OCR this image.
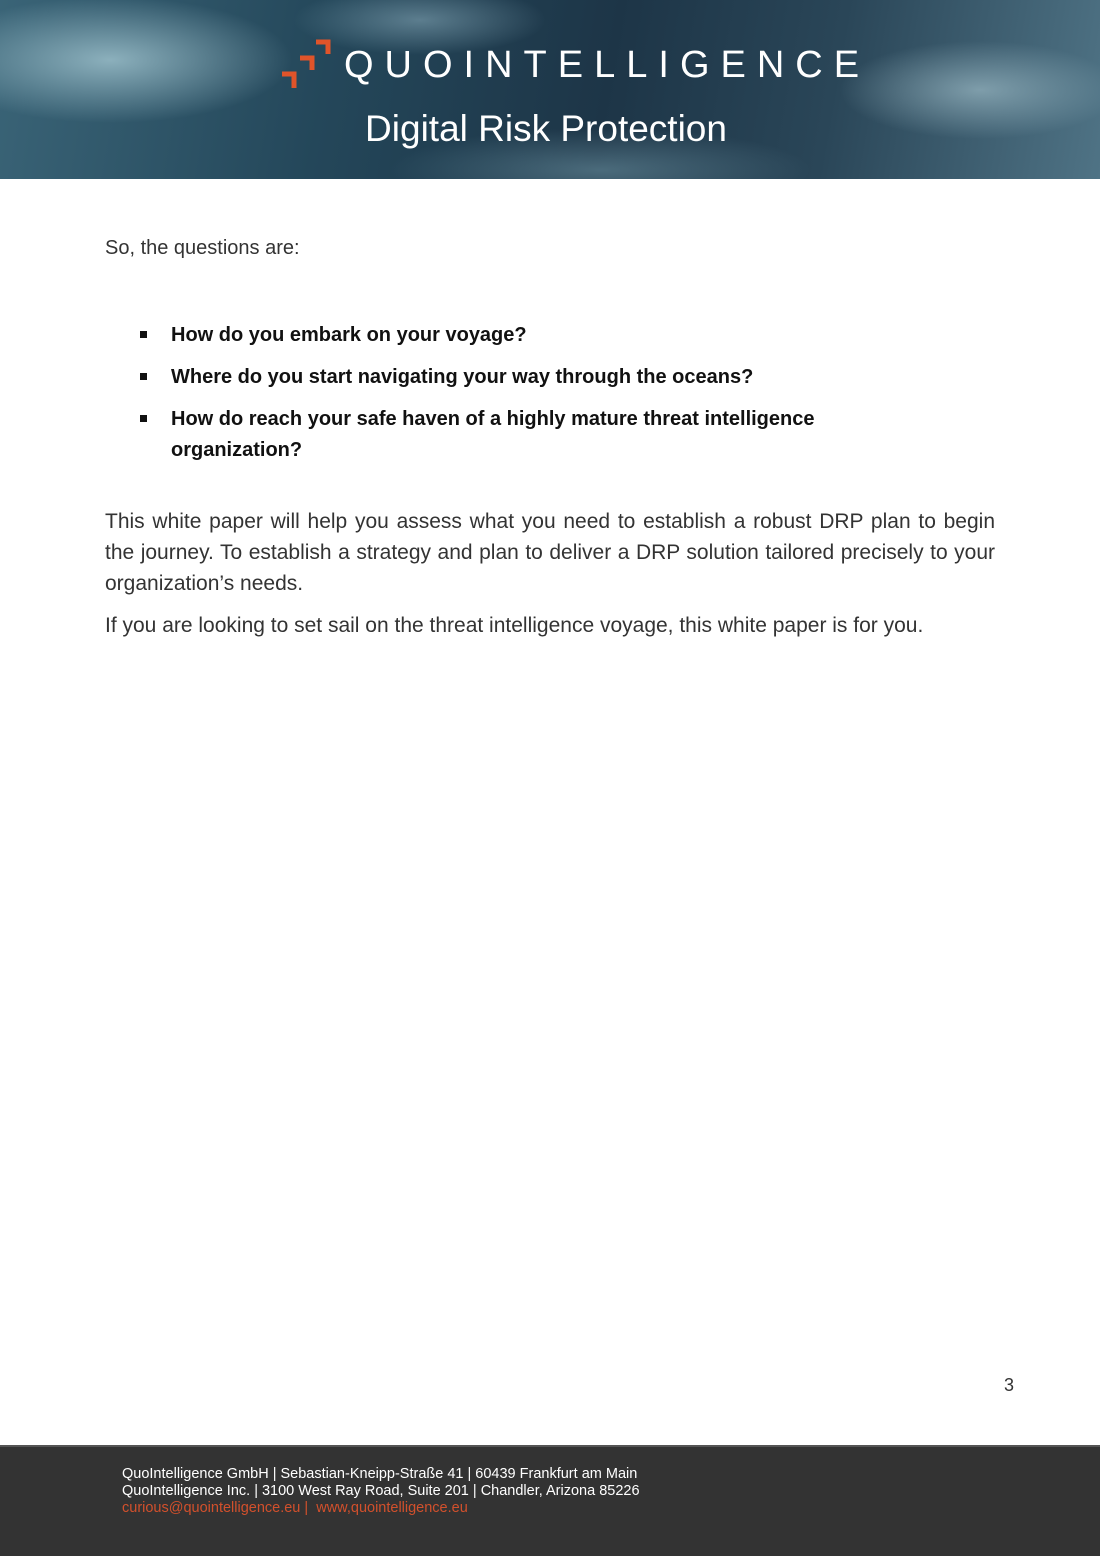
QUOINTELLIGENCE
Digital Risk Protection

So, the questions are:

How do you embark on your voyage?
Where do you start navigating your way through the oceans?
How do reach your safe haven of a highly mature threat intelligence organization?

This white paper will help you assess what you need to establish a robust DRP plan to begin the journey. To establish a strategy and plan to deliver a DRP solution tailored precisely to your organization’s needs.

If you are looking to set sail on the threat intelligence voyage, this white paper is for you.

3
QuoIntelligence GmbH | Sebastian-Kneipp-Straße 41 | 60439 Frankfurt am Main
QuoIntelligence Inc. | 3100 West Ray Road, Suite 201 | Chandler, Arizona 85226
curious@quointelligence.eu |  www,quointelligence.eu
